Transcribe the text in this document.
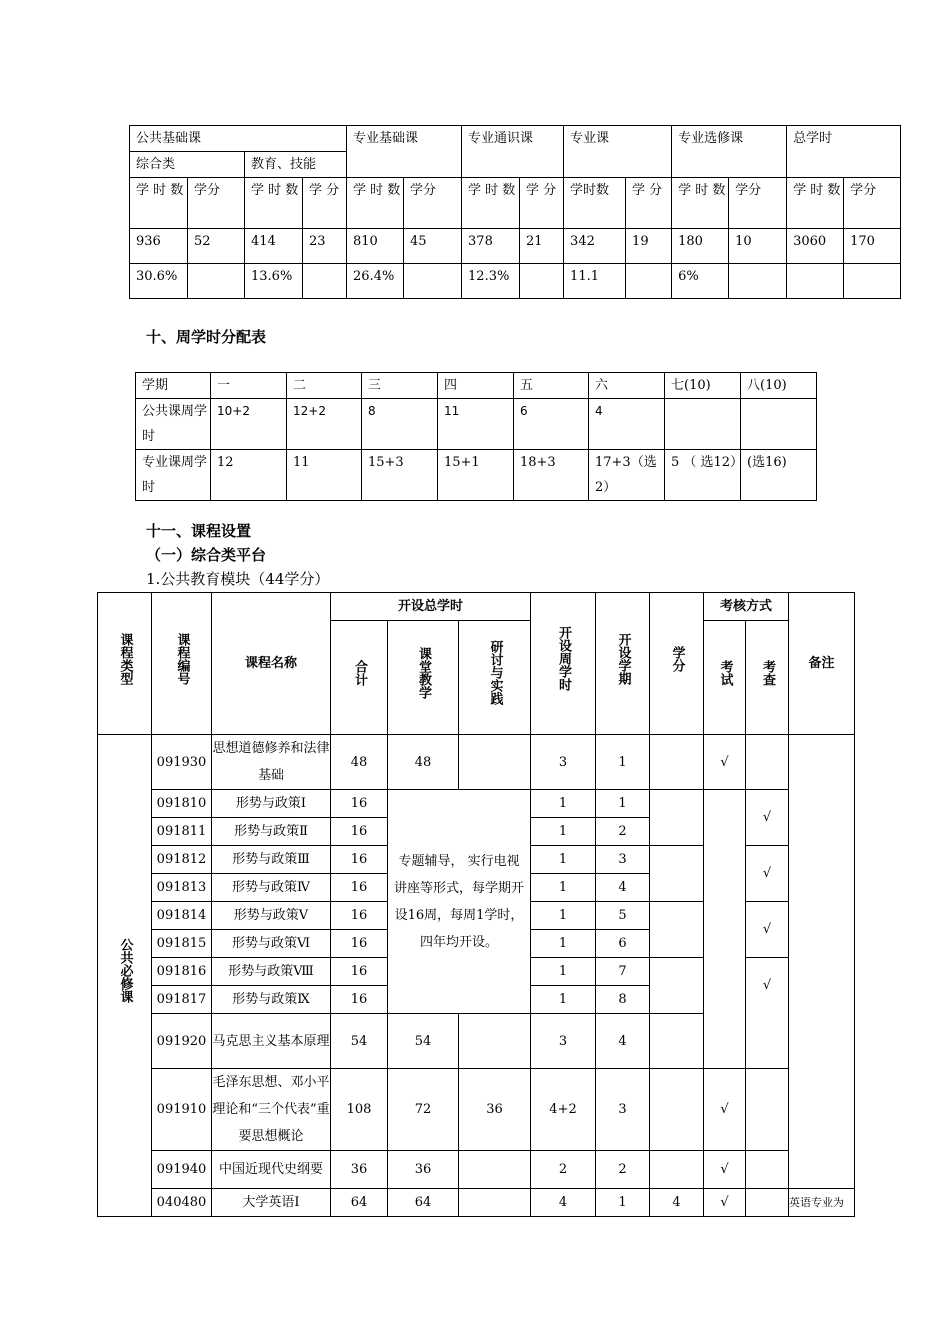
公共基础课				专业基础课		专业通识课		专业课		专业选修课		总学时	
综合类		教育、技能											
学 时 数	学分	学 时 数	学 分	学 时 数	学分	学 时 数	学 分	学时数	学 分	学 时 数	学分	学 时 数	学分
936	52	414	23	810	45	378	21	342	19	180	10	3060	170
30.6%		13.6%		26.4%		12.3%		11.1		6%			
十、周学时分配表
学期	一	二	三	四	五	六	七(10)	八(10)
公共课周学时	10+2	12+2	8	11	6	4		
专业课周学时	12	11	15+3	15+1	18+3	17+3（选2）	5 （ 选12）	(选16)
十一、课程设置
（一）综合类平台
1.公共教育模块（44学分）
课程类型	课程编号	课程名称	开设总学时			开设周学时	开设学期	学分	考核方式		备注
			合计	课堂教学	研讨与实践				考试	考查	
公共必修课	091930	思想道德修养和法律基础	48	48		3	1		√		
	091810	形势与政策Ⅰ	16	专题辅导， 实行电视讲座等形式，每学期开设16周，每周1学时，四年均开设。		1	1			√	
	091811	形势与政策Ⅱ	16			1	2				
	091812	形势与政策Ⅲ	16			1	3			√	
	091813	形势与政策Ⅳ	16			1	4				
	091814	形势与政策Ⅴ	16			1	5			√	
	091815	形势与政策Ⅵ	16			1	6				
	091816	形势与政策Ⅷ	16			1	7			√	
	091817	形势与政策Ⅸ	16			1	8				
	091920	马克思主义基本原理	54	54		3	4				
	091910	毛泽东思想、邓小平理论和“三个代表”重要思想概论	108	72	36	4+2	3		√		
	091940	中国近现代史纲要	36	36		2	2		√		
	040480	大学英语Ⅰ	64	64		4	1	4	√		英语专业为
